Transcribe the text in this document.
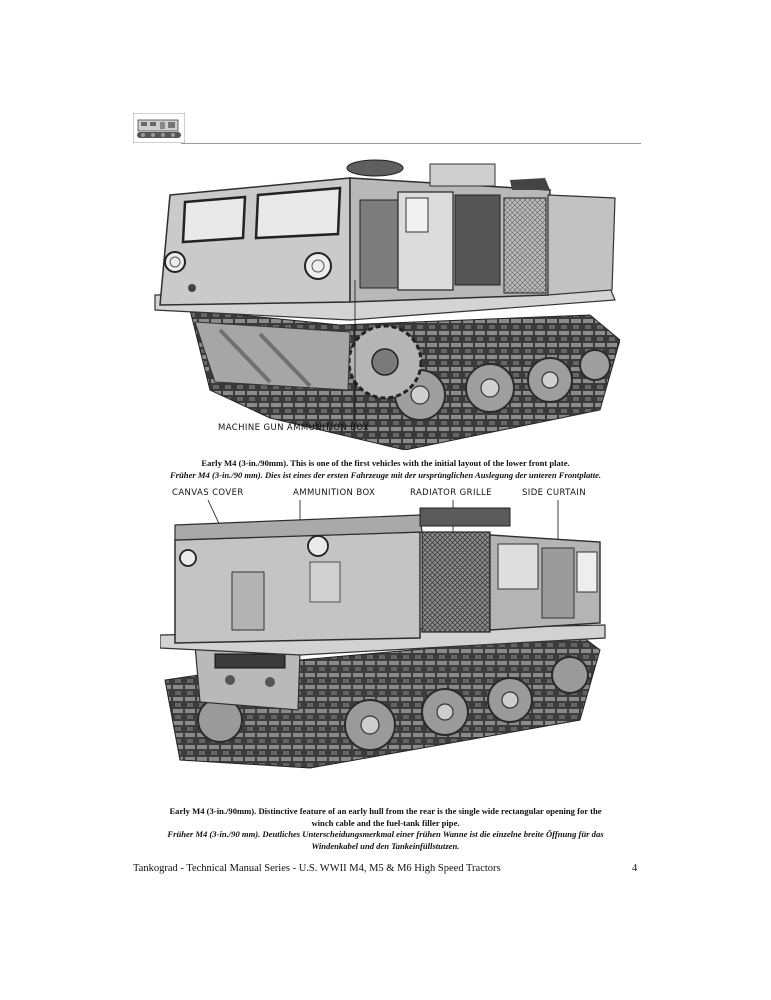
MACHINE GUN AMMUNITION BOX
Early M4 (3-in./90mm). This is one of the first vehicles with the initial layout of the lower front plate.
Früher M4 (3-in./90 mm). Dies ist eines der ersten Fahrzeuge mit der ursprünglichen Auslegung der unteren Frontplatte.
CANVAS COVER	AMMUNITION BOX	RADIATOR GRILLE	SIDE CURTAIN
Early M4 (3-in./90mm). Distinctive feature of an early hull from the rear is the single wide rectangular opening for the
winch cable and the fuel-tank filler pipe.
Früher M4 (3-in./90 mm). Deutliches Unterscheidungsmerkmal einer frühen Wanne ist die einzelne breite Öffnung für das
Windenkabel und den Tankeinfüllstutzen.
Tankograd - Technical Manual Series - U.S. WWII M4, M5 & M6 High Speed Tractors	4
